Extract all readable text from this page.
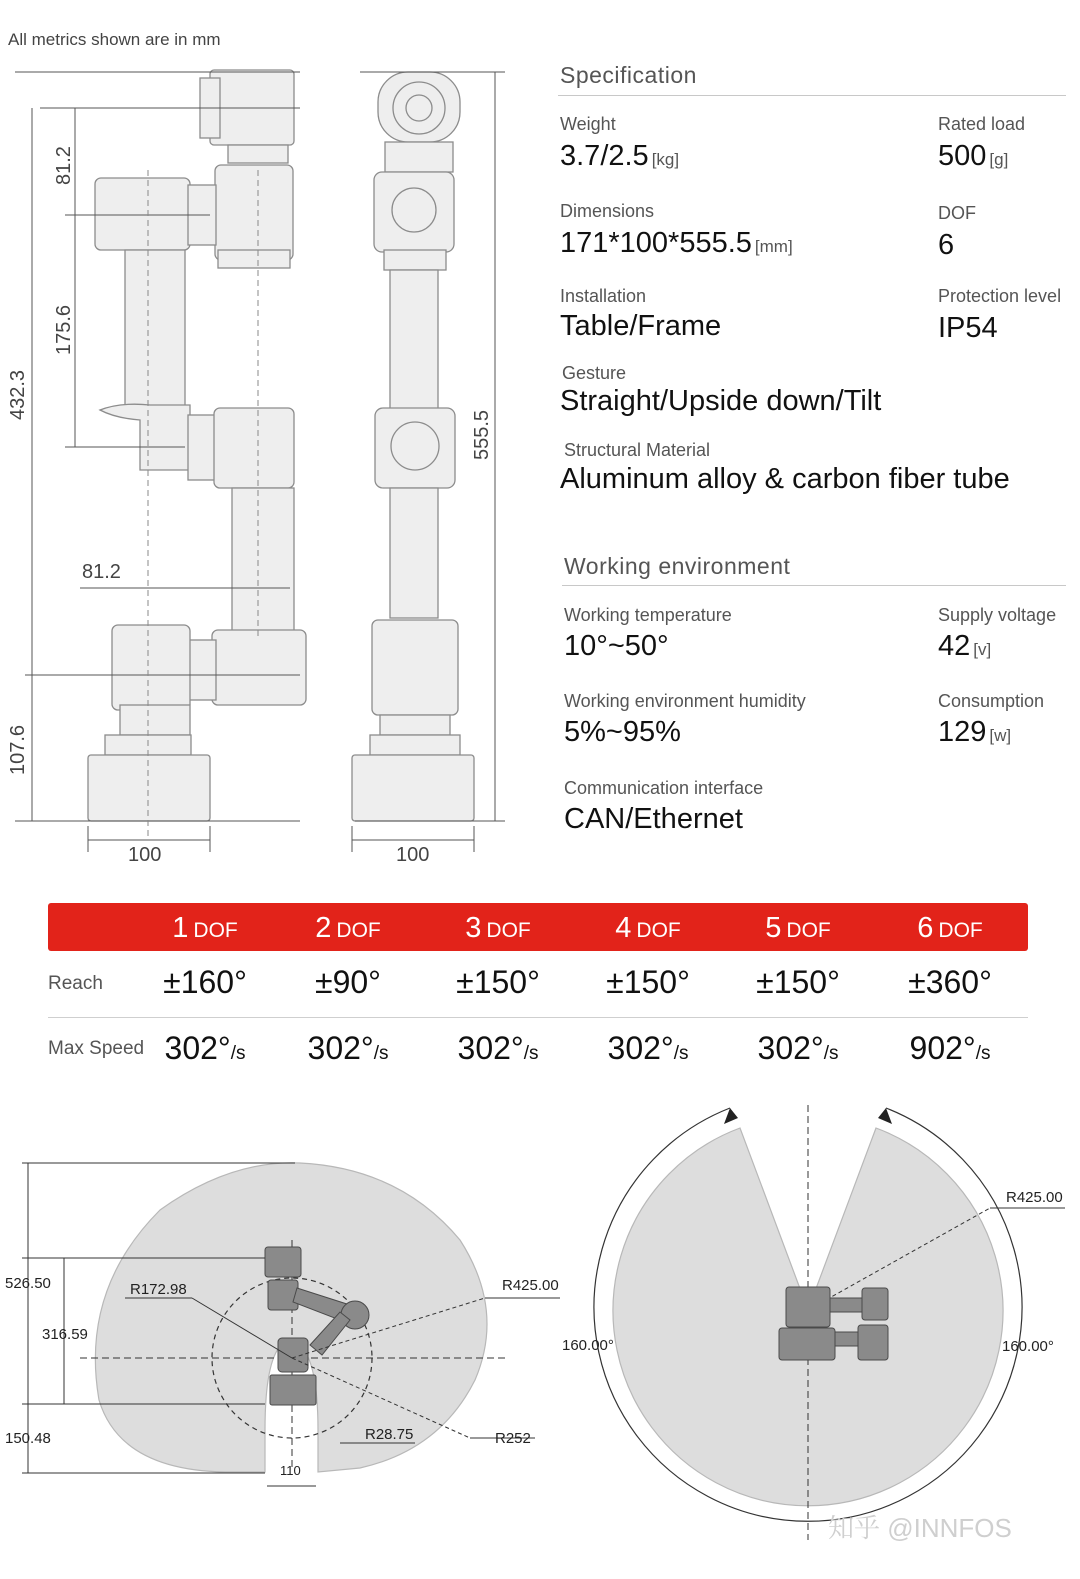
All metrics shown are in mm
81.2
175.6
432.3
81.2
107.6
100	100
555.5
Specification
Weight
3.7/2.5 [kg]
Rated load
500 [g]
Dimensions
171*100*555.5 [mm]
DOF
6
Installation
Table/Frame
Protection level
IP54
Gesture
Straight/Upside down/Tilt
Structural Material
Aluminum alloy & carbon fiber tube
Working environment
Working temperature
10°~50°
Supply voltage
42 [v]
Working environment humidity
5%~95%
Consumption
129 [w]
Communication interface
CAN/Ethernet
1 DOF	2 DOF	3 DOF	4 DOF	5 DOF	6 DOF
Reach	±160°	±90°	±150°	±150°	±150°	±360°
Max Speed 302°/s	302°/s	302°/s	302°/s	302°/s	902°/s
526.50
316.59
150.48
R172.98	R425.00
R28.75	R252
110
R425.00
160.00°	160.00°
知乎 @INNFOS
